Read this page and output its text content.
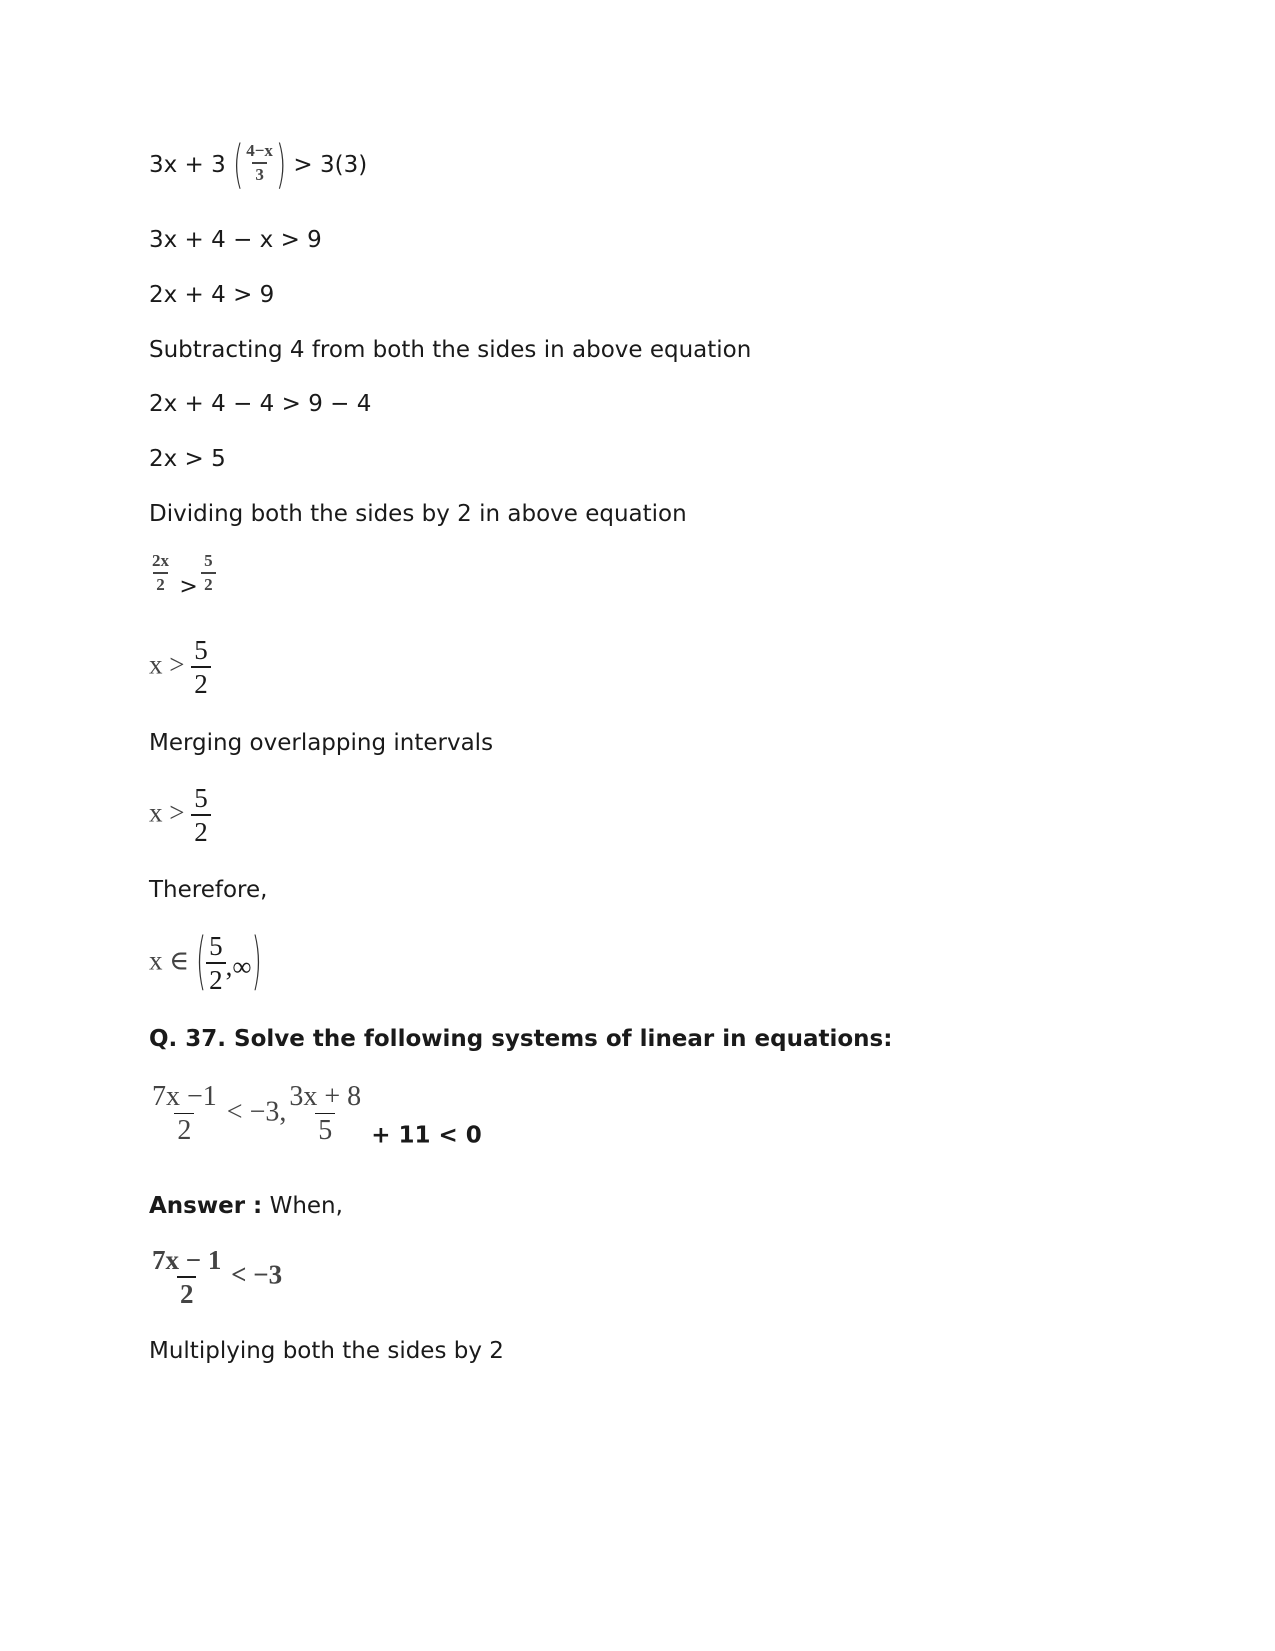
3x + 3 ( $\frac{4-x}{3}$ ) > 3(3)
3x + 4 − x > 9
2x + 4 > 9
Subtracting 4 from both the sides in above equation
2x + 4 − 4 > 9 − 4
2x > 5
Dividing both the sides by 2 in above equation
$\frac{2x}{2} > \frac{5}{2}$
$x > \frac{5}{2}$
Merging overlapping intervals
$x > \frac{5}{2}$
Therefore,
x ∈ ( $\frac{5}{2}$ ,∞)
Q. 37. Solve the following systems of linear in equations:
$\frac{7x -1}{2} < -3$, $\frac{3x + 8}{5} _{+ 11 < 0}$
Answer : When,
$\frac{7x - 1}{2} < -3$
Multiplying both the sides by 2
